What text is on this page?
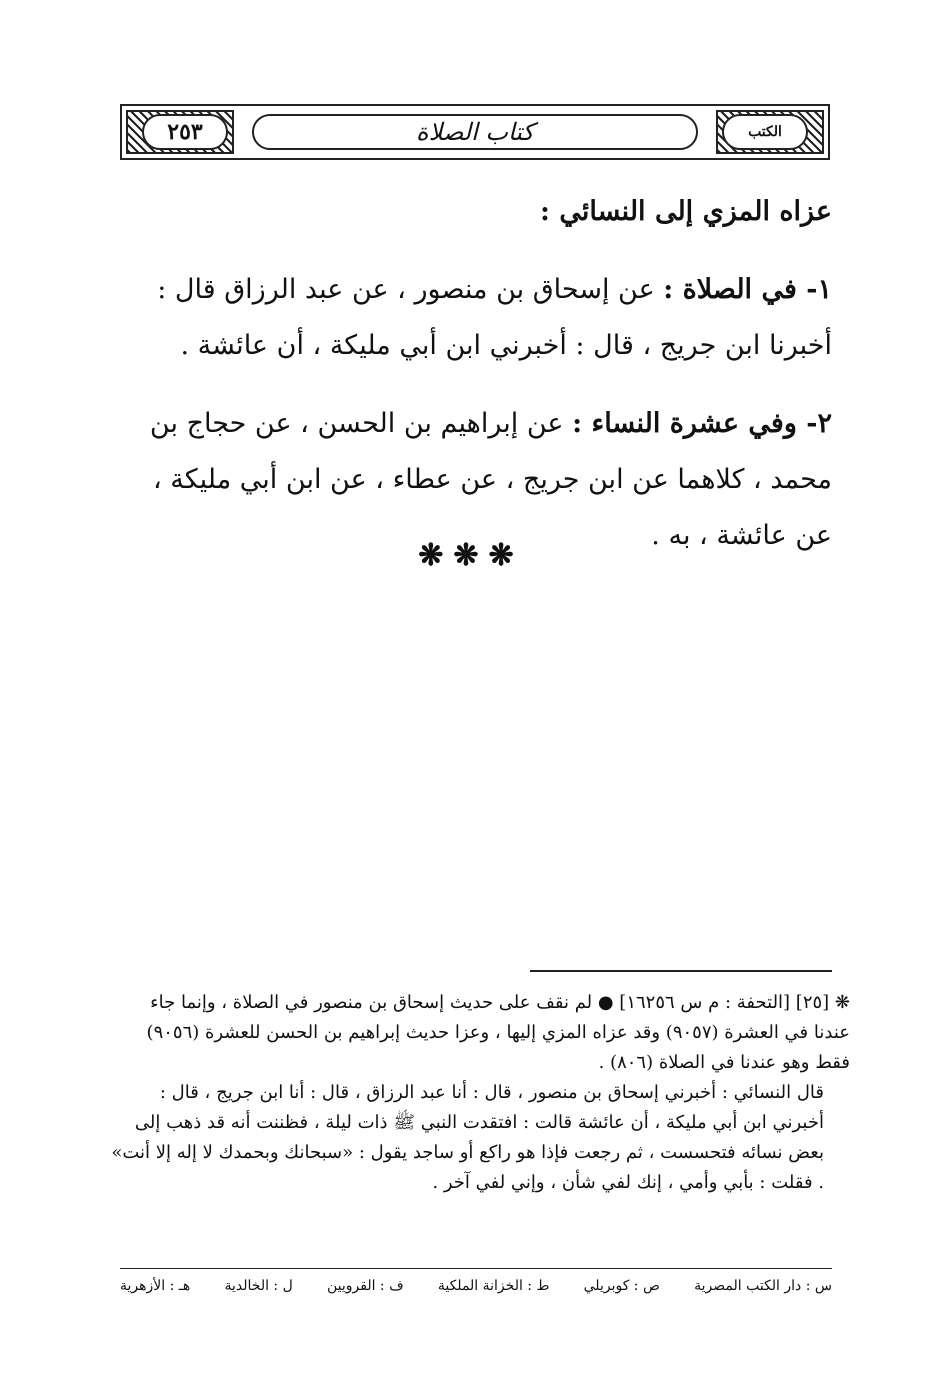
٢٥٣	الكتب
كتاب الصلاة
عزاه المزي إلى النسائي :

١- في الصلاة : عن إسحاق بن منصور ، عن عبد الرزاق قال : أخبرنا ابن جريج ، قال : أخبرني ابن أبي مليكة ، أن عائشة .

٢- وفي عشرة النساء : عن إبراهيم بن الحسن ، عن حجاج بن محمد ، كلاهما عن ابن جريج ، عن عطاء ، عن ابن أبي مليكة ، عن عائشة ، به .

❋❋❋

❋ [٢٥] [التحفة : م س ١٦٢٥٦] ● لم نقف على حديث إسحاق بن منصور في الصلاة ، وإنما جاء عندنا في العشرة (٩٠٥٧) وقد عزاه المزي إليها ، وعزا حديث إبراهيم بن الحسن للعشرة (٩٠٥٦) فقط وهو عندنا في الصلاة (٨٠٦) .

قال النسائي : أخبرني إسحاق بن منصور ، قال : أنا عبد الرزاق ، قال : أنا ابن جريج ، قال : أخبرني ابن أبي مليكة ، أن عائشة قالت : افتقدت النبي ﷺ ذات ليلة ، فظننت أنه قد ذهب إلى بعض نسائه فتحسست ، ثم رجعت فإذا هو راكع أو ساجد يقول : «سبحانك وبحمدك لا إله إلا أنت» . فقلت : بأبي وأمي ، إنك لفي شأن ، وإني لفي آخر .

س : دار الكتب المصرية
ص : كوبريلي
ط : الخزانة الملكية
ف : القرويين
ل : الخالدية
هـ : الأزهرية
